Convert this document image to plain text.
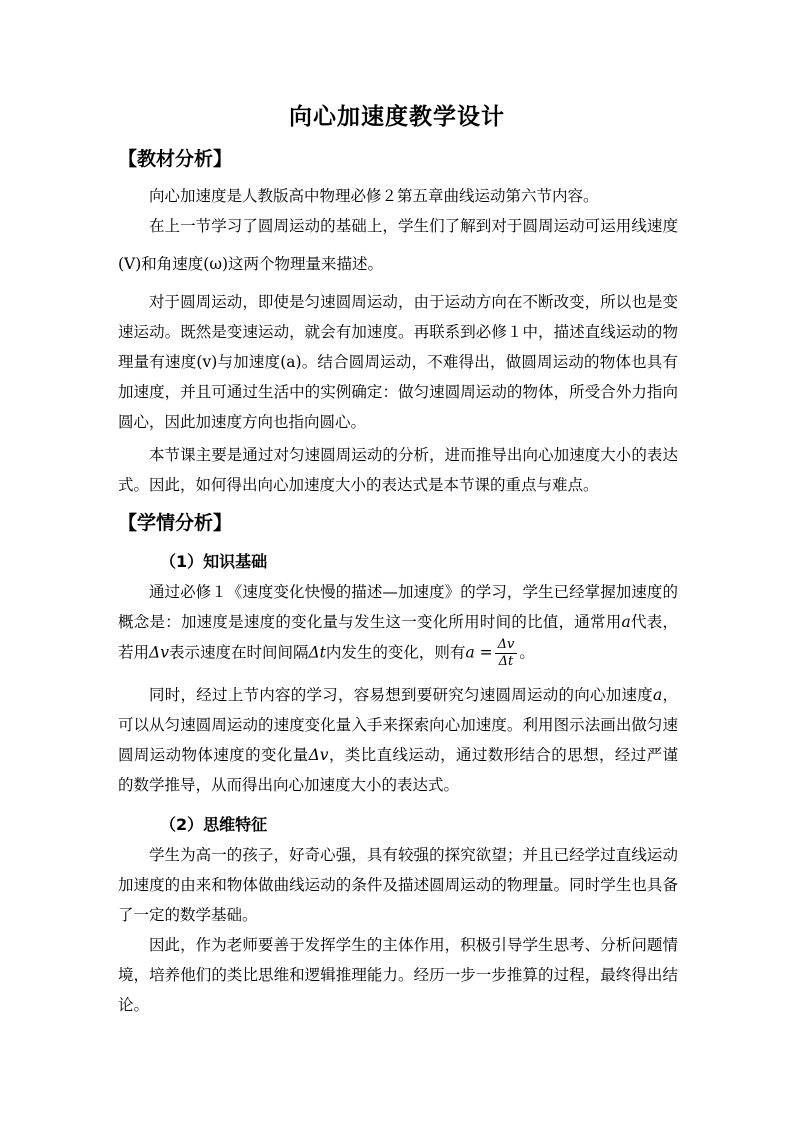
向心加速度教学设计
【教材分析】

向心加速度是人教版高中物理必修２第五章曲线运动第六节内容。

在上一节学习了圆周运动的基础上，学生们了解到对于圆周运动可运用线速度(V)和角速度(ω)这两个物理量来描述。

对于圆周运动，即使是匀速圆周运动，由于运动方向在不断改变，所以也是变速运动。既然是变速运动，就会有加速度。再联系到必修１中，描述直线运动的物理量有速度(v)与加速度(a)。结合圆周运动，不难得出，做圆周运动的物体也具有加速度，并且可通过生活中的实例确定：做匀速圆周运动的物体，所受合外力指向圆心，因此加速度方向也指向圆心。

本节课主要是通过对匀速圆周运动的分析，进而推导出向心加速度大小的表达式。因此，如何得出向心加速度大小的表达式是本节课的重点与难点。

【学情分析】
（1）知识基础

通过必修１《速度变化快慢的描述—加速度》的学习，学生已经掌握加速度的概念是：加速度是速度的变化量与发生这一变化所用时间的比值，通常用a代表，若用Δv表示速度在时间间隔Δt内发生的变化，则有$a = \frac{\Delta v}{\Delta t}$ 。

同时，经过上节内容的学习，容易想到要研究匀速圆周运动的向心加速度a，可以从匀速圆周运动的速度变化量入手来探索向心加速度。利用图示法画出做匀速圆周运动物体速度的变化量Δv，类比直线运动，通过数形结合的思想，经过严谨的数学推导，从而得出向心加速度大小的表达式。

（2）思维特征

学生为高一的孩子，好奇心强，具有较强的探究欲望；并且已经学过直线运动加速度的由来和物体做曲线运动的条件及描述圆周运动的物理量。同时学生也具备了一定的数学基础。

因此，作为老师要善于发挥学生的主体作用，积极引导学生思考、分析问题情境，培养他们的类比思维和逻辑推理能力。经历一步一步推算的过程，最终得出结论。
